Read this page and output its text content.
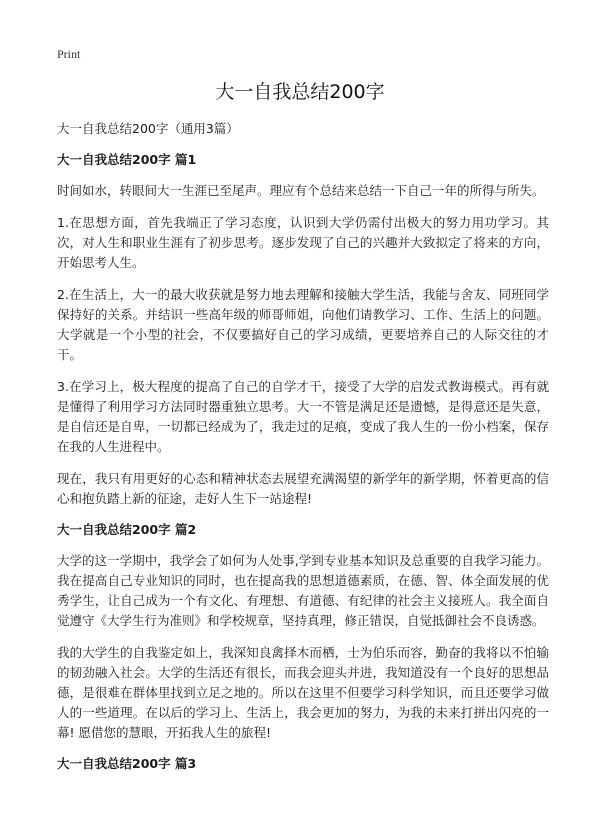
Print
大一自我总结200字

大一自我总结200字（通用3篇）

大一自我总结200字 篇1

时间如水，转眼间大一生涯已至尾声。理应有个总结来总结一下自己一年的所得与所失。

1.在思想方面，首先我端正了学习态度，认识到大学仍需付出极大的努力用功学习。其次，对人生和职业生涯有了初步思考。逐步发现了自己的兴趣并大致拟定了将来的方向，开始思考人生。

2.在生活上，大一的最大收获就是努力地去理解和接触大学生活，我能与舍友、同班同学保持好的关系。并结识一些高年级的师哥师姐，向他们请教学习、工作、生活上的问题。大学就是一个小型的社会，不仅要搞好自己的学习成绩，更要培养自己的人际交往的才干。

3.在学习上，极大程度的提高了自己的自学才干，接受了大学的启发式教诲模式。再有就是懂得了利用学习方法同时器重独立思考。大一不管是满足还是遗憾，是得意还是失意，是自信还是自卑，一切都已经成为了，我走过的足痕，变成了我人生的一份小档案，保存在我的人生进程中。

现在，我只有用更好的心态和精神状态去展望充满渴望的新学年的新学期，怀着更高的信心和抱负踏上新的征途，走好人生下一站途程!

大一自我总结200字 篇2

大学的这一学期中，我学会了如何为人处事,学到专业基本知识及总重要的自我学习能力。我在提高自己专业知识的同时，也在提高我的思想道德素质，在德、智、体全面发展的优秀学生，让自己成为一个有文化、有理想、有道德、有纪律的社会主义接班人。我全面自觉遵守《大学生行为准则》和学校规章，坚持真理，修正错误，自觉抵御社会不良诱惑。

我的大学生的自我鉴定如上，我深知良禽择木而栖，士为伯乐而容，勤奋的我将以不怕输的韧劲融入社会。大学的生活还有很长，而我会迎头并进，我知道没有一个良好的思想品德，是很难在群体里找到立足之地的。所以在这里不但要学习科学知识，而且还要学习做人的一些道理。在以后的学习上、生活上，我会更加的努力，为我的未来打拼出闪亮的一幕! 愿借您的慧眼，开拓我人生的旅程!

大一自我总结200字 篇3
